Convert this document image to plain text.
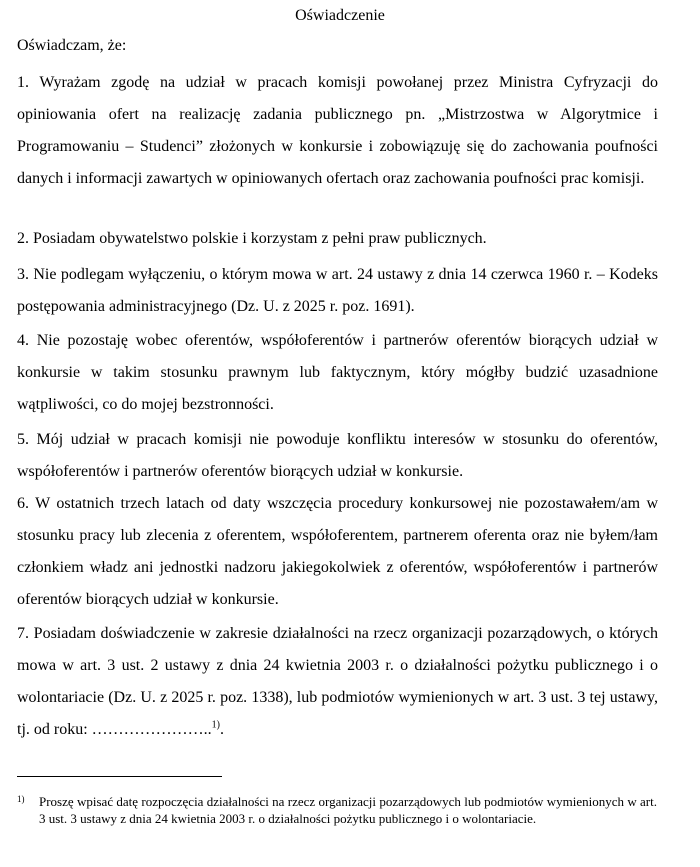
Oświadczenie
Oświadczam, że:

1. Wyrażam zgodę na udział w pracach komisji powołanej przez Ministra Cyfryzacji do opiniowania ofert na realizację zadania publicznego pn. „Mistrzostwa w Algorytmice i Programowaniu – Studenci” złożonych w konkursie i zobowiązuję się do zachowania poufności danych i informacji zawartych w opiniowanych ofertach oraz zachowania poufności prac komisji.

2. Posiadam obywatelstwo polskie i korzystam z pełni praw publicznych.

3. Nie podlegam wyłączeniu, o którym mowa w art. 24 ustawy z dnia 14 czerwca 1960 r. – Kodeks postępowania administracyjnego (Dz. U. z 2025 r. poz. 1691).

4. Nie pozostaję wobec oferentów, współoferentów i partnerów oferentów biorących udział w konkursie w takim stosunku prawnym lub faktycznym, który mógłby budzić uzasadnione wątpliwości, co do mojej bezstronności.

5. Mój udział w pracach komisji nie powoduje konfliktu interesów w stosunku do oferentów, współoferentów i partnerów oferentów biorących udział w konkursie.

6. W ostatnich trzech latach od daty wszczęcia procedury konkursowej nie pozostawałem/am w stosunku pracy lub zlecenia z oferentem, współoferentem, partnerem oferenta oraz nie byłem/łam członkiem władz ani jednostki nadzoru jakiegokolwiek z oferentów, współoferentów i partnerów oferentów biorących udział w konkursie.

7. Posiadam doświadczenie w zakresie działalności na rzecz organizacji pozarządowych, o których mowa w art. 3 ust. 2 ustawy z dnia 24 kwietnia 2003 r. o działalności pożytku publicznego i o wolontariacie (Dz. U. z 2025 r. poz. 1338), lub podmiotów wymienionych w art. 3 ust. 3 tej ustawy, tj. od roku: …………………..$^{1)}$.

1) Proszę wpisać datę rozpoczęcia działalności na rzecz organizacji pozarządowych lub podmiotów wymienionych w art. 3 ust. 3 ustawy z dnia 24 kwietnia 2003 r. o działalności pożytku publicznego i o wolontariacie.
